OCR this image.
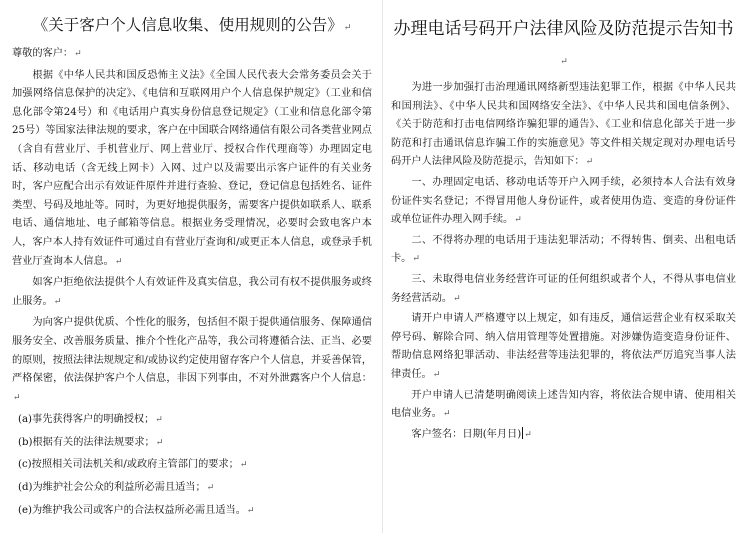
《关于客户个人信息收集、使用规则的公告》↵

尊敬的客户：↵

根据《中华人民共和国反恐怖主义法》《全国人民代表大会常务委员会关于加强网络信息保护的决定》、《电信和互联网用户个人信息保护规定》（工业和信息化部令第24号）和《电话用户真实身份信息登记规定》（工业和信息化部令第25号）等国家法律法规的要求，客户在中国联合网络通信有限公司各类营业网点（含自有营业厅、手机营业厅、网上营业厅、授权合作代理商等）办理固定电话、移动电话（含无线上网卡）入网、过户以及需要出示客户证件的有关业务时，客户应配合出示有效证件原件并进行查验、登记，登记信息包括姓名、证件类型、号码及地址等。同时，为更好地提供服务，需要客户提供如联系人、联系电话、通信地址、电子邮箱等信息。根据业务受理情况，必要时会致电客户本人，客户本人持有效证件可通过自有营业厅查询和/或更正本人信息，或登录手机营业厅查询本人信息。↵

如客户拒绝依法提供个人有效证件及真实信息，我公司有权不提供服务或终止服务。↵

为向客户提供优质、个性化的服务，包括但不限于提供通信服务、保障通信服务安全、改善服务质量、推介个性化产品等，我公司将遵循合法、正当、必要的原则，按照法律法规规定和/或协议约定使用留存客户个人信息，并妥善保管，严格保密，依法保护客户个人信息，非因下列事由，不对外泄露客户个人信息：↵

(a)事先获得客户的明确授权；↵

(b)根据有关的法律法规要求；↵

(c)按照相关司法机关和/或政府主管部门的要求；↵

(d)为维护社会公众的利益所必需且适当；↵

(e)为维护我公司或客户的合法权益所必需且适当。↵

办理电话号码开户法律风险及防范提示告知书↵

为进一步加强打击治理通讯网络新型违法犯罪工作，根据《中华人民共和国刑法》、《中华人民共和国网络安全法》、《中华人民共和国电信条例》、《关于防范和打击电信网络诈骗犯罪的通告》、《工业和信息化部关于进一步防范和打击通讯信息诈骗工作的实施意见》等文件相关规定现对办理电话号码开户人法律风险及防范提示，告知如下：↵

一、办理固定电话、移动电话等开户入网手续，必须持本人合法有效身份证件实名登记；不得冒用他人身份证件，或者使用伪造、变造的身份证件或单位证件办理入网手续。↵

二、不得将办理的电话用于违法犯罪活动；不得转售、倒卖、出租电话卡。↵

三、未取得电信业务经营许可证的任何组织或者个人，不得从事电信业务经营活动。↵

请开户申请人严格遵守以上规定，如有违反，通信运营企业有权采取关停号码、解除合同、纳入信用管理等处置措施。对涉嫌伪造变造身份证件、帮助信息网络犯罪活动、非法经营等违法犯罪的，将依法严厉追究当事人法律责任。↵

开户申请人已清楚明确阅读上述告知内容，将依法合规申请、使用相关电信业务。↵

客户签名：日期(年月日) ↵
